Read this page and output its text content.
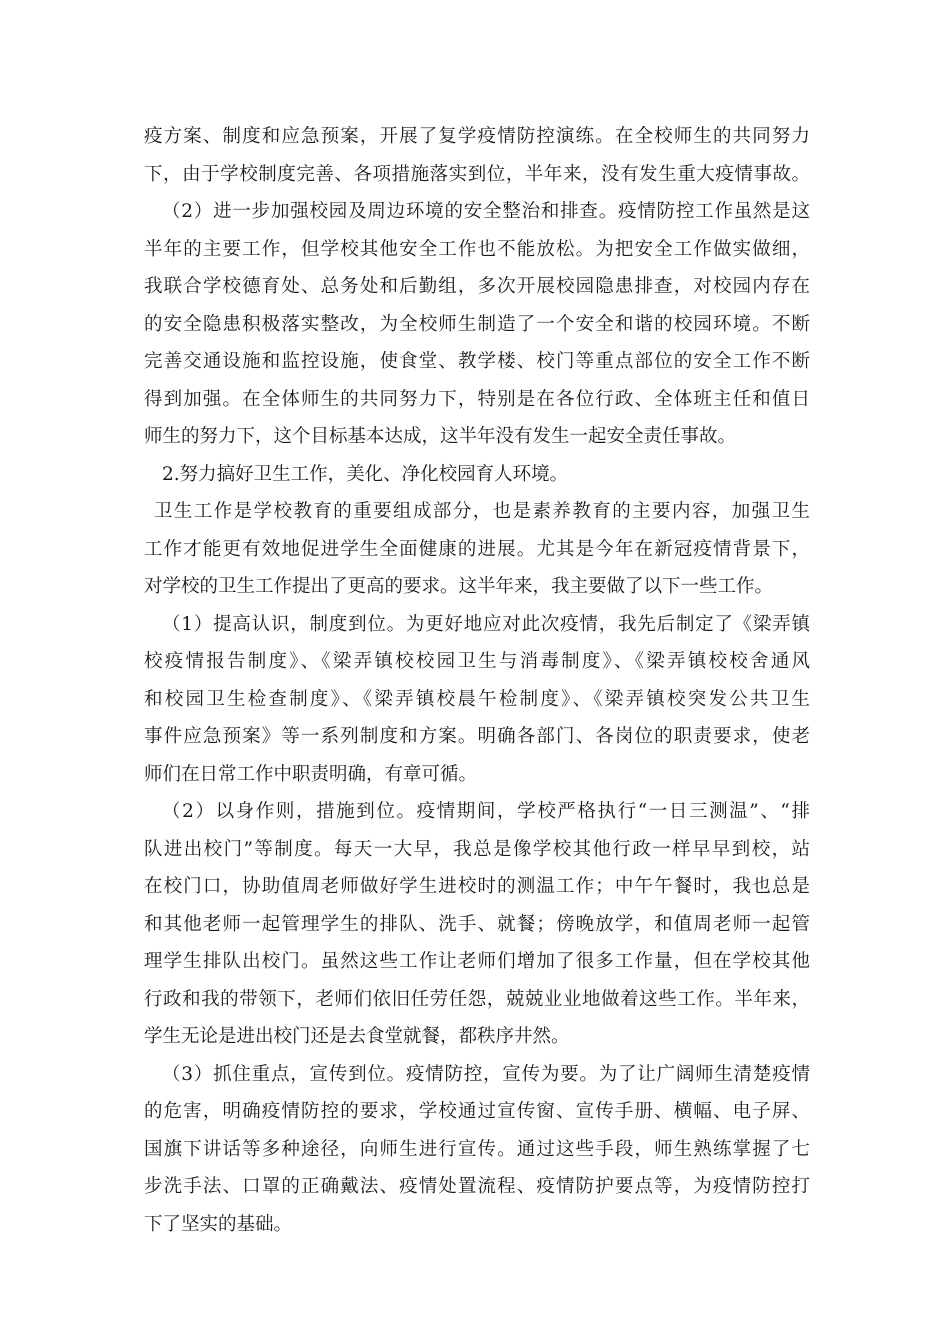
疫方案、制度和应急预案，开展了复学疫情防控演练。在全校师生的共同努力
下，由于学校制度完善、各项措施落实到位，半年来，没有发生重大疫情事故。
（2）进一步加强校园及周边环境的安全整治和排查。疫情防控工作虽然是这
半年的主要工作，但学校其他安全工作也不能放松。为把安全工作做实做细，
我联合学校德育处、总务处和后勤组，多次开展校园隐患排查，对校园内存在
的安全隐患积极落实整改，为全校师生制造了一个安全和谐的校园环境。不断
完善交通设施和监控设施，使食堂、教学楼、校门等重点部位的安全工作不断
得到加强。在全体师生的共同努力下，特别是在各位行政、全体班主任和值日
师生的努力下，这个目标基本达成，这半年没有发生一起安全责任事故。
2.努力搞好卫生工作，美化、净化校园育人环境。
卫生工作是学校教育的重要组成部分，也是素养教育的主要内容，加强卫生
工作才能更有效地促进学生全面健康的进展。尤其是今年在新冠疫情背景下，
对学校的卫生工作提出了更高的要求。这半年来，我主要做了以下一些工作。
（1）提高认识，制度到位。为更好地应对此次疫情，我先后制定了《梁弄镇
校疫情报告制度》、《梁弄镇校校园卫生与消毒制度》、《梁弄镇校校舍通风
和校园卫生检查制度》、《梁弄镇校晨午检制度》、《梁弄镇校突发公共卫生
事件应急预案》等一系列制度和方案。明确各部门、各岗位的职责要求，使老
师们在日常工作中职责明确，有章可循。
（2）以身作则，措施到位。疫情期间，学校严格执行“一日三测温”、“排
队进出校门”等制度。每天一大早，我总是像学校其他行政一样早早到校，站
在校门口，协助值周老师做好学生进校时的测温工作；中午午餐时，我也总是
和其他老师一起管理学生的排队、洗手、就餐；傍晚放学，和值周老师一起管
理学生排队出校门。虽然这些工作让老师们增加了很多工作量，但在学校其他
行政和我的带领下，老师们依旧任劳任怨，兢兢业业地做着这些工作。半年来，
学生无论是进出校门还是去食堂就餐，都秩序井然。
（3）抓住重点，宣传到位。疫情防控，宣传为要。为了让广阔师生清楚疫情
的危害，明确疫情防控的要求，学校通过宣传窗、宣传手册、横幅、电子屏、
国旗下讲话等多种途径，向师生进行宣传。通过这些手段，师生熟练掌握了七
步洗手法、口罩的正确戴法、疫情处置流程、疫情防护要点等，为疫情防控打
下了坚实的基础。
